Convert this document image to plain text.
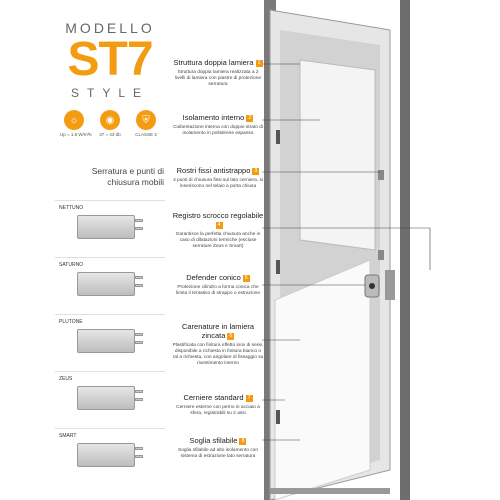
MODELLO
ST7
STYLE
☼
Up = 1.8 W/m²K
◉
37 = 43 db
⛨
CLASSE 3
Serratura e punti di chiusura mobili
NETTUNO
SATURNO
PLUTONE
ZEUS
SMART
Struttura doppia lamiera 1
Struttura doppia lamiera realizzata a 2 livelli di lamiera con piastre di protezione serratura
Isolamento interno 2
Coibentazione interna con doppio strato di isolamento in polistirene espanso
Rostri fissi antistrappo 3
4 punti di chiusura fissi sul lato cerniera, si inseriscono nel telaio a porta chiusa
Registro scrocco regolabile4
Garantisce la perfetta chiusura anche in caso di dilatazioni termiche (escluse serrature Zeus e Smart)
Defender conico 5
Protezione cilindro a forma conica che limita il tentativo di strappo o estrazione
Carenature in lamiera zincata 6
Plastificata con finitura effetto inox di serie, disponibile a richiesta in finitura bianco o ral a richiesta, con angolare di fissaggio su rivestimento interno
Cerniere standard 7
Cerniere esterne con perno in acciaio a sfera, registrabili su 2 assi
Soglia sfilabile 8
Soglia sfilabile ad alto isolamento con sistema di estrazione lato serratura
